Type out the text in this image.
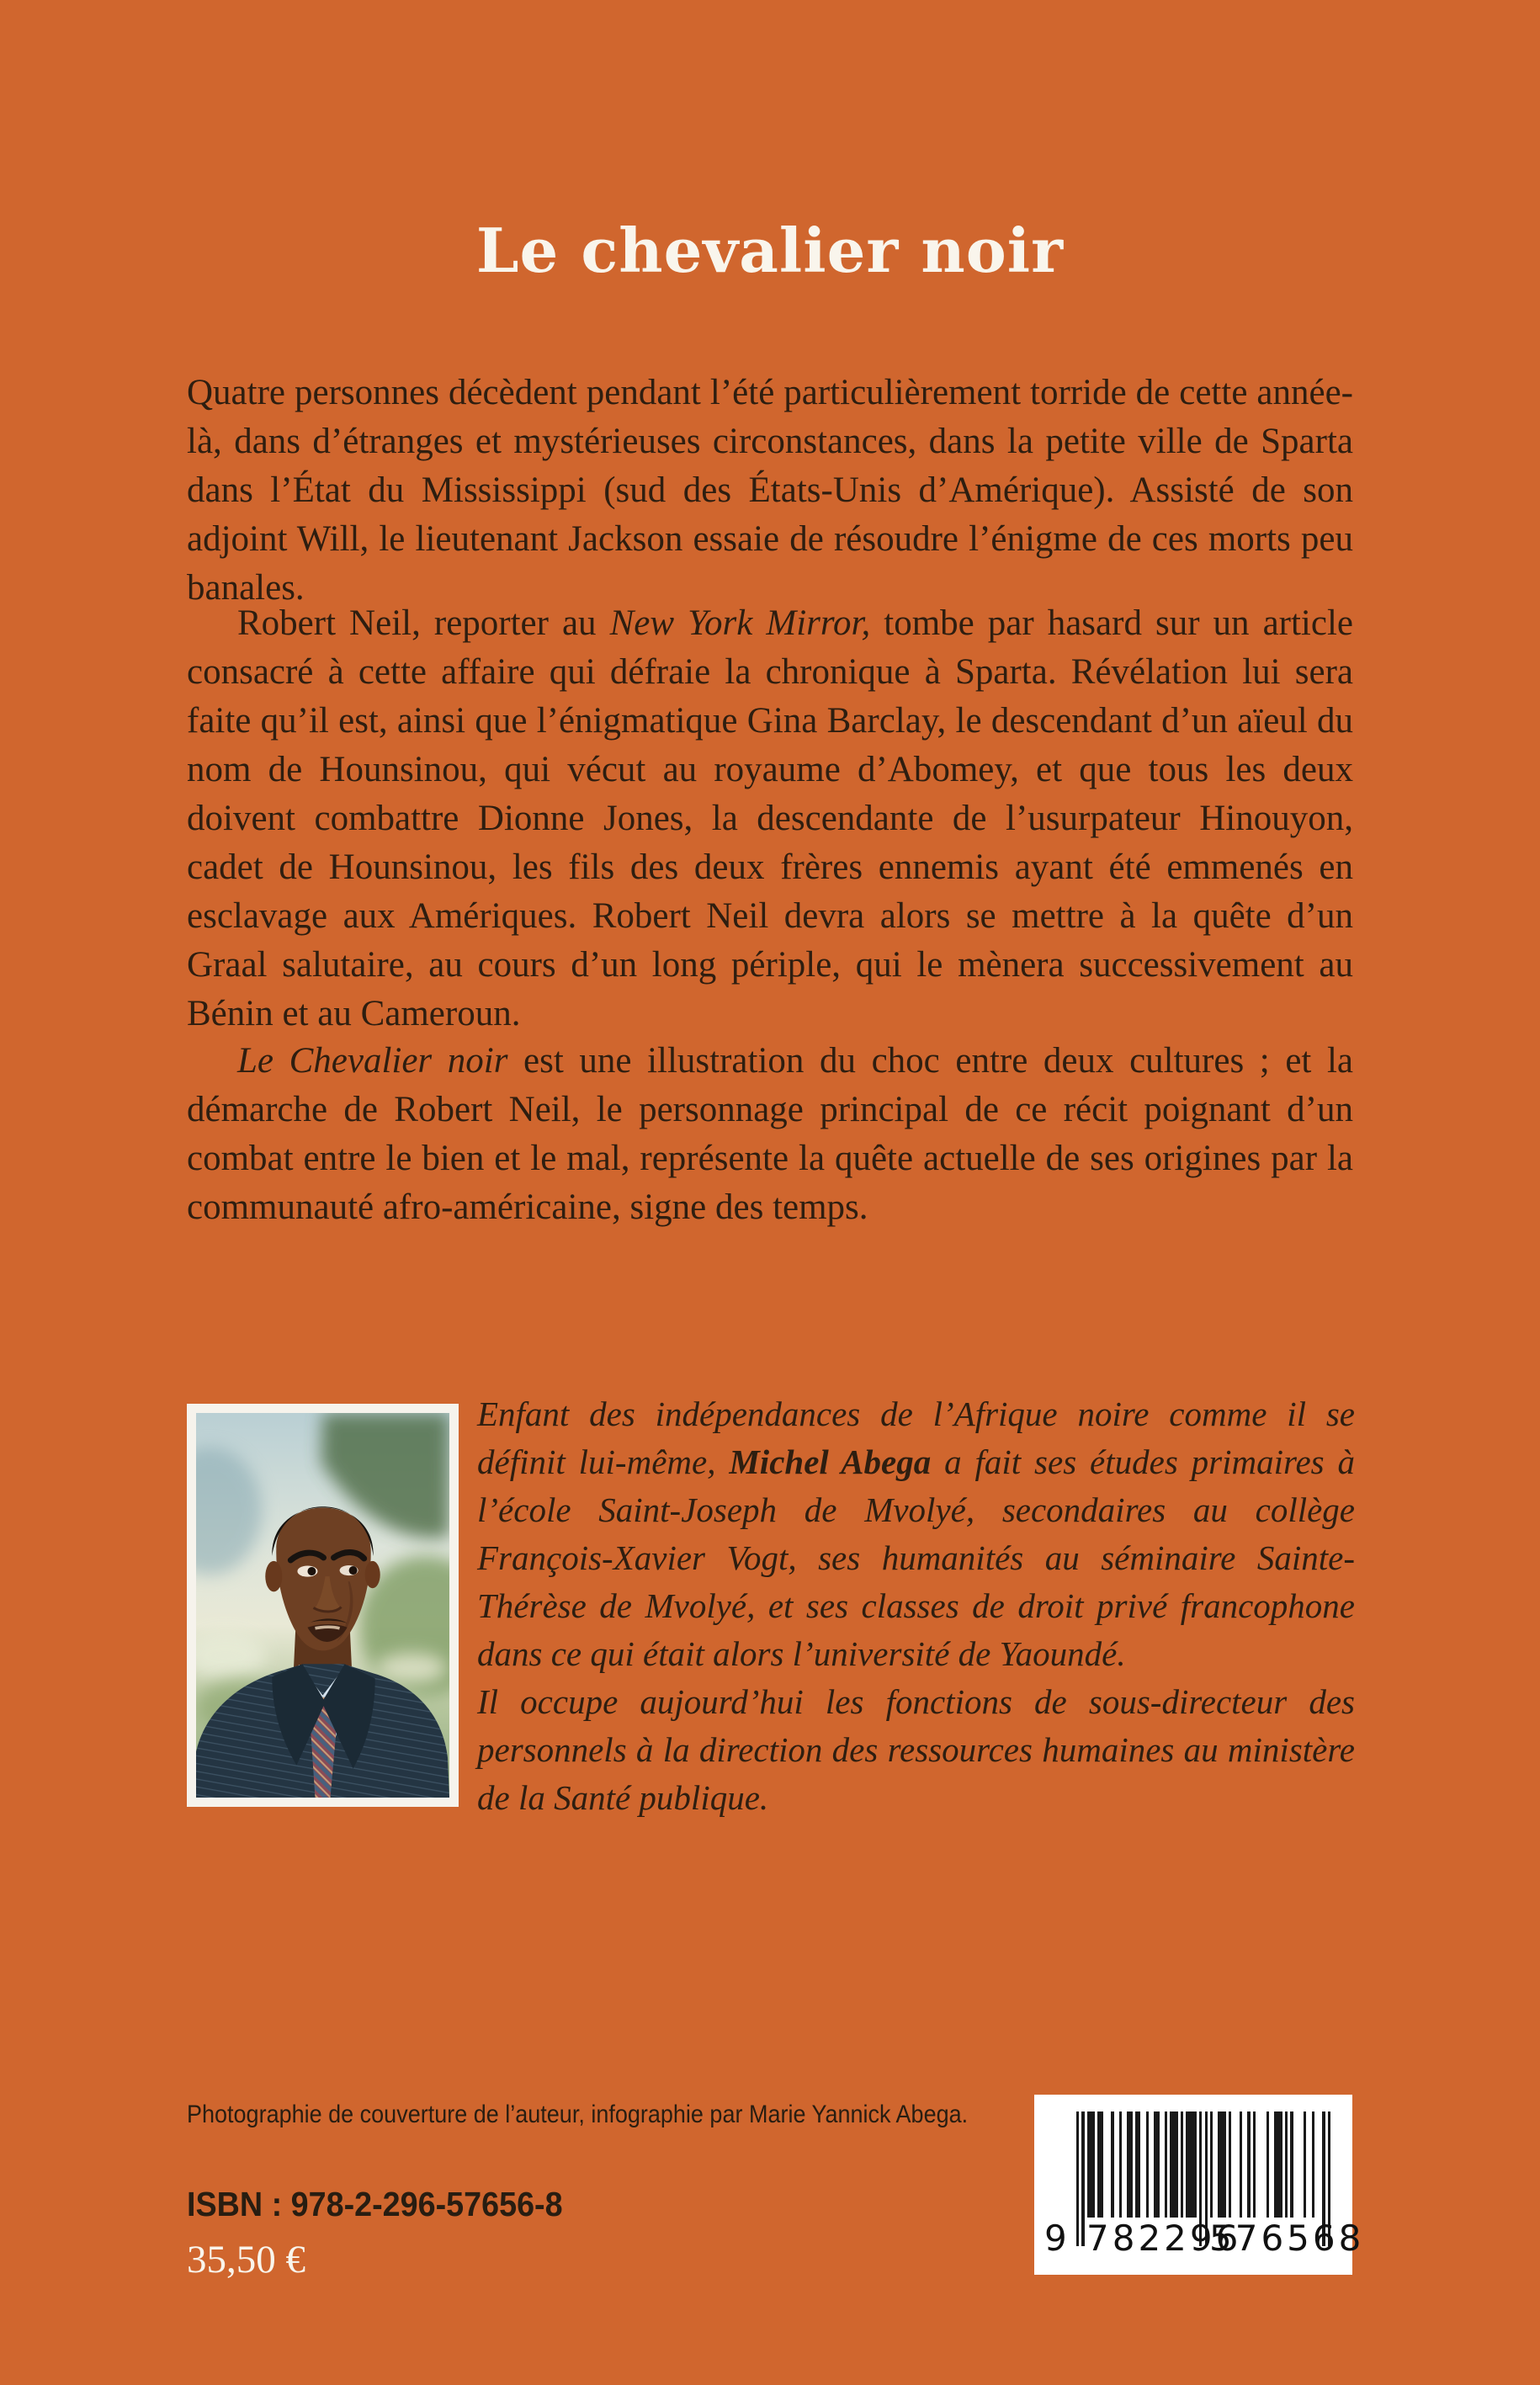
Le chevalier noir

Quatre personnes décèdent pendant l’été particulièrement torride de cette année-là, dans d’étranges et mystérieuses circonstances, dans la petite ville de Sparta dans l’État du Mississippi (sud des États-Unis d’Amérique). Assisté de son adjoint Will, le lieutenant Jackson essaie de résoudre l’énigme de ces morts peu banales.

Robert Neil, reporter au New York Mirror, tombe par hasard sur un article consacré à cette affaire qui défraie la chronique à Sparta. Révélation lui sera faite qu’il est, ainsi que l’énigmatique Gina Barclay, le descendant d’un aïeul du nom de Hounsinou, qui vécut au royaume d’Abomey, et que tous les deux doivent combattre Dionne Jones, la descendante de l’usurpateur Hinouyon, cadet de Hounsinou, les fils des deux frères ennemis ayant été emmenés en esclavage aux Amériques. Robert Neil devra alors se mettre à la quête d’un Graal salutaire, au cours d’un long périple, qui le mènera successivement au Bénin et au Cameroun.

Le Chevalier noir est une illustration du choc entre deux cultures ; et la démarche de Robert Neil, le personnage principal de ce récit poignant d’un combat entre le bien et le mal, représente la quête actuelle de ses origines par la communauté afro-américaine, signe des temps.

Enfant des indépendances de l’Afrique noire comme il se définit lui-même, Michel Abega a fait ses études primaires à l’école Saint-Joseph de Mvolyé, secondaires au collège François-Xavier Vogt, ses humanités au séminaire Sainte-Thérèse de Mvolyé, et ses classes de droit privé francophone dans ce qui était alors l’université de Yaoundé.

Il occupe aujourd’hui les fonctions de sous-directeur des personnels à la direction des ressources humaines au ministère de la Santé publique.

Photographie de couverture de l’auteur, infographie par Marie Yannick Abega.
ISBN : 978-2-296-57656-8
35,50 €	9 782296
576568
